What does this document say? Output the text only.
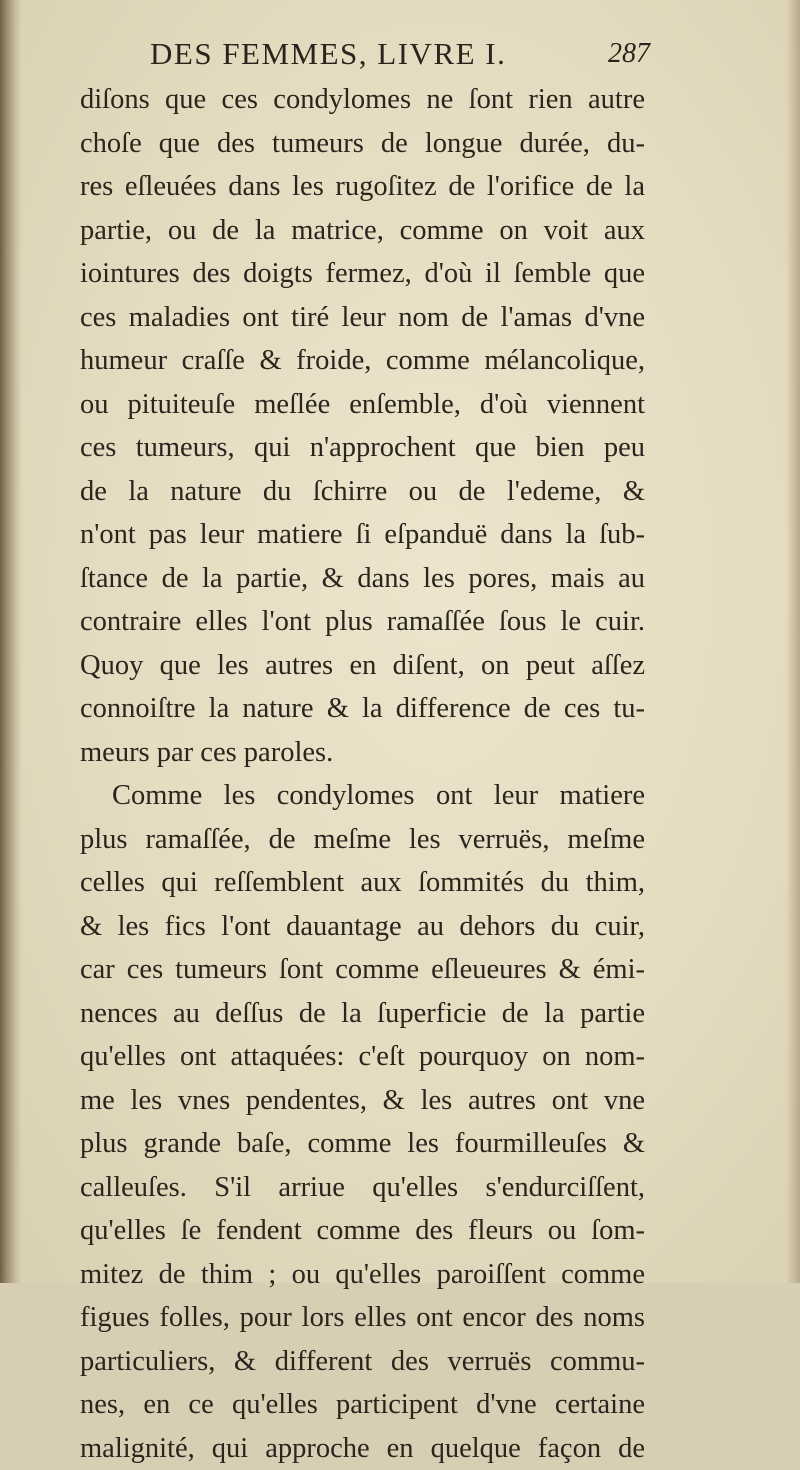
DES FEMMES, LIVRE I.	287
diſons que ces condylomes ne ſont rien autre
choſe que des tumeurs de longue durée, du-
res eſleuées dans les rugoſitez de l'orifice de la
partie, ou de la matrice, comme on voit aux
iointures des doigts fermez, d'où il ſemble que
ces maladies ont tiré leur nom de l'amas d'vne
humeur craſſe & froide, comme mélancolique,
ou pituiteuſe meſlée enſemble, d'où viennent
ces tumeurs, qui n'approchent que bien peu
de la nature du ſchirre ou de l'edeme, &
n'ont pas leur matiere ſi eſpanduë dans la ſub-
ſtance de la partie, & dans les pores, mais au
contraire elles l'ont plus ramaſſée ſous le cuir.
Quoy que les autres en diſent, on peut aſſez
connoiſtre la nature & la difference de ces tu-
meurs par ces paroles.
Comme les condylomes ont leur matiere
plus ramaſſée, de meſme les verruës, meſme
celles qui reſſemblent aux ſommités du thim,
& les fics l'ont dauantage au dehors du cuir,
car ces tumeurs ſont comme eſleueures & émi-
nences au deſſus de la ſuperficie de la partie
qu'elles ont attaquées: c'eſt pourquoy on nom-
me les vnes pendentes, & les autres ont vne
plus grande baſe, comme les fourmilleuſes &
calleuſes. S'il arriue qu'elles s'endurciſſent,
qu'elles ſe fendent comme des fleurs ou ſom-
mitez de thim ; ou qu'elles paroiſſent comme
figues folles, pour lors elles ont encor des noms
particuliers, & different des verruës commu-
nes, en ce qu'elles participent d'vne certaine
malignité, qui approche en quelque façon de
